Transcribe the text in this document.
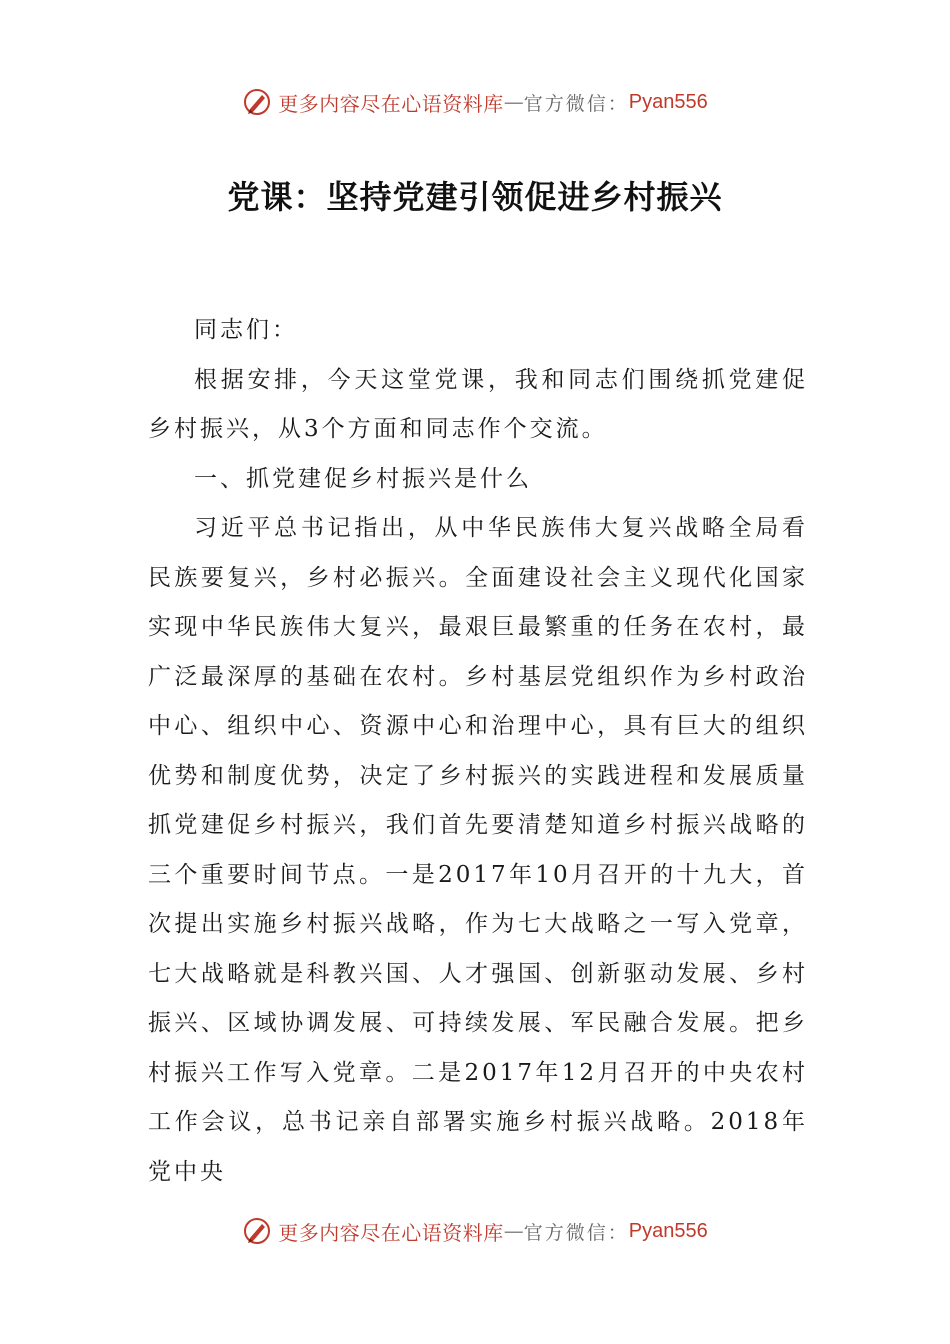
更多内容尽在心语资料库 — 官方微信： Pyan556
党课：坚持党建引领促进乡村振兴

同志们：

根据安排，今天这堂党课，我和同志们围绕抓党建促乡村振兴，从3个方面和同志作个交流。

一、抓党建促乡村振兴是什么

习近平总书记指出，从中华民族伟大复兴战略全局看民族要复兴，乡村必振兴。全面建设社会主义现代化国家实现中华民族伟大复兴，最艰巨最繁重的任务在农村，最广泛最深厚的基础在农村。乡村基层党组织作为乡村政治中心、组织中心、资源中心和治理中心，具有巨大的组织优势和制度优势，决定了乡村振兴的实践进程和发展质量抓党建促乡村振兴，我们首先要清楚知道乡村振兴战略的三个重要时间节点。一是2017年10月召开的十九大，首次提出实施乡村振兴战略，作为七大战略之一写入党章，七大战略就是科教兴国、人才强国、创新驱动发展、乡村振兴、区域协调发展、可持续发展、军民融合发展。把乡村振兴工作写入党章。二是2017年12月召开的中央农村工作会议，总书记亲自部署实施乡村振兴战略。2018年党中央

更多内容尽在心语资料库 — 官方微信： Pyan556
